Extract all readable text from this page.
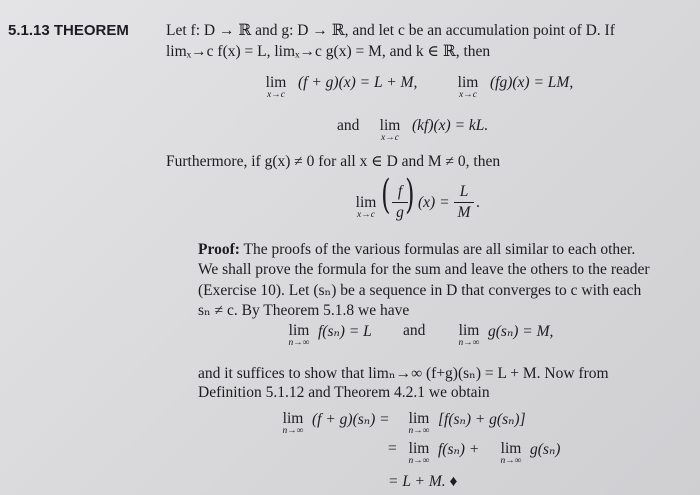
5.1.13 THEOREM Let f: D → ℝ and g: D → ℝ, and let c be an accumulation point of D. If
limₓ→c f(x) = L, limₓ→c g(x) = M, and k ∈ ℝ, then
lim
x→c
(f + g)(x) = L + M,	lim
x→c
(fg)(x) = LM,
and	lim
x→c
(kf)(x) = kL.
Furthermore, if g(x) ≠ 0 for all x ∈ D and M ≠ 0, then
lim
x→c ( f
g ) (x) =
L
M
.
Proof: The proofs of the various formulas are all similar to each other.
We shall prove the formula for the sum and leave the others to the reader
(Exercise 10). Let (sₙ) be a sequence in D that converges to c with each
sₙ ≠ c. By Theorem 5.1.8 we have
lim
n→∞
f(sₙ) = L and	lim
n→∞
g(sₙ) = M,
and it suffices to show that limₙ→∞ (f+g)(sₙ) = L + M. Now from
Definition 5.1.12 and Theorem 4.2.1 we obtain
lim
n→∞
(f + g)(sₙ) =	lim
n→∞
[f(sₙ) + g(sₙ)]
= lim
n→∞
f(sₙ) +	lim
n→∞
g(sₙ)
= L + M. ♦
